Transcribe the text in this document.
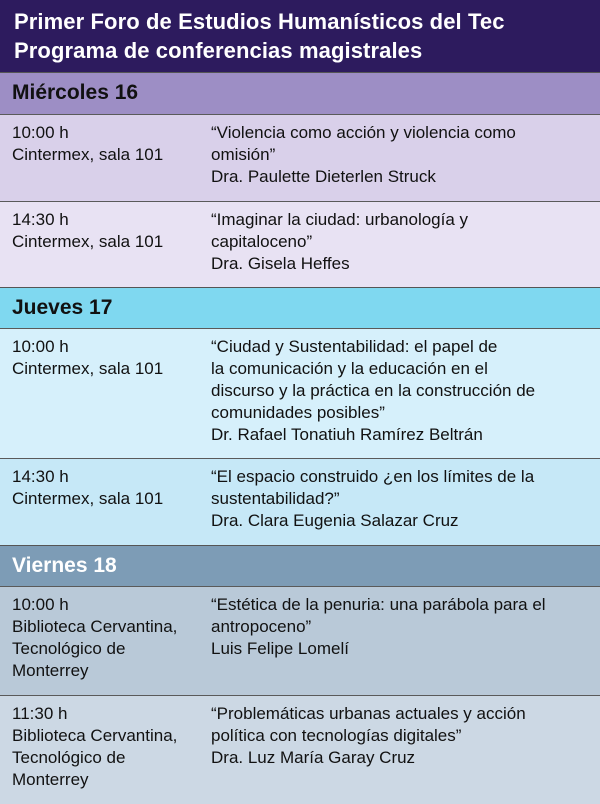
Primer Foro de Estudios Humanísticos del Tec
Programa de conferencias magistrales
Miércoles 16
10:00 h
Cintermex, sala 101
“Violencia como acción y violencia como
omisión”
Dra. Paulette Dieterlen Struck
14:30 h
Cintermex, sala 101
“Imaginar la ciudad: urbanología y
capitaloceno”
Dra. Gisela Heffes
Jueves 17
10:00 h
Cintermex, sala 101
“Ciudad y Sustentabilidad: el papel de
la comunicación y la educación en el
discurso y la práctica en la construcción de
comunidades posibles”
Dr. Rafael Tonatiuh Ramírez Beltrán
14:30 h
Cintermex, sala 101
“El espacio construido ¿en los límites de la
sustentabilidad?”
Dra. Clara Eugenia Salazar Cruz
Viernes 18
10:00 h
Biblioteca Cervantina,
Tecnológico de
Monterrey
“Estética de la penuria: una parábola para el
antropoceno”
Luis Felipe Lomelí
11:30 h
Biblioteca Cervantina,
Tecnológico de
Monterrey
“Problemáticas urbanas actuales y acción
política con tecnologías digitales”
Dra. Luz María Garay Cruz
